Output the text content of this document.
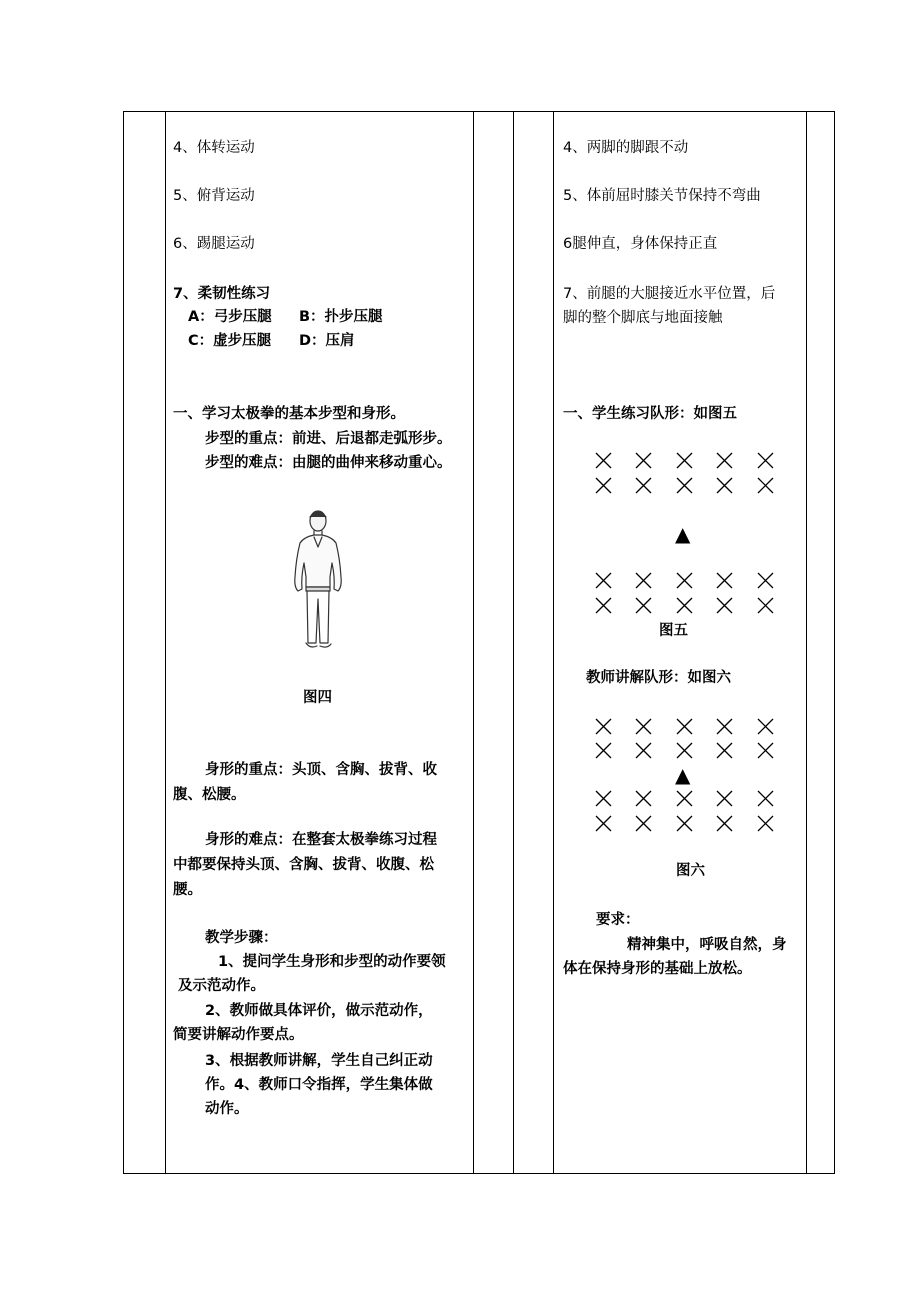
4、体转运动
5、俯背运动
6、踢腿运动
7、柔韧性练习
A：弓步压腿 B：扑步压腿
C：虚步压腿 D：压肩
一、学习太极拳的基本步型和身形。
步型的重点：前进、后退都走弧形步。
步型的难点：由腿的曲伸来移动重心。
图四
身形的重点：头顶、含胸、拔背、收
腹、松腰。
身形的难点：在整套太极拳练习过程
中都要保持头顶、含胸、拔背、收腹、松
腰。
教学步骤：
1、提问学生身形和步型的动作要领
及示范动作。
2、教师做具体评价，做示范动作，
简要讲解动作要点。
3、根据教师讲解，学生自己纠正动
作。4、教师口令指挥，学生集体做
动作。
4、两脚的脚跟不动
5、体前屈时膝关节保持不弯曲
6腿伸直，身体保持正直
7、前腿的大腿接近水平位置，后
脚的整个脚底与地面接触
一、学生练习队形：如图五
▲
图五
教师讲解队形：如图六
▲
图六
要求：
精神集中，呼吸自然，身
体在保持身形的基础上放松。
